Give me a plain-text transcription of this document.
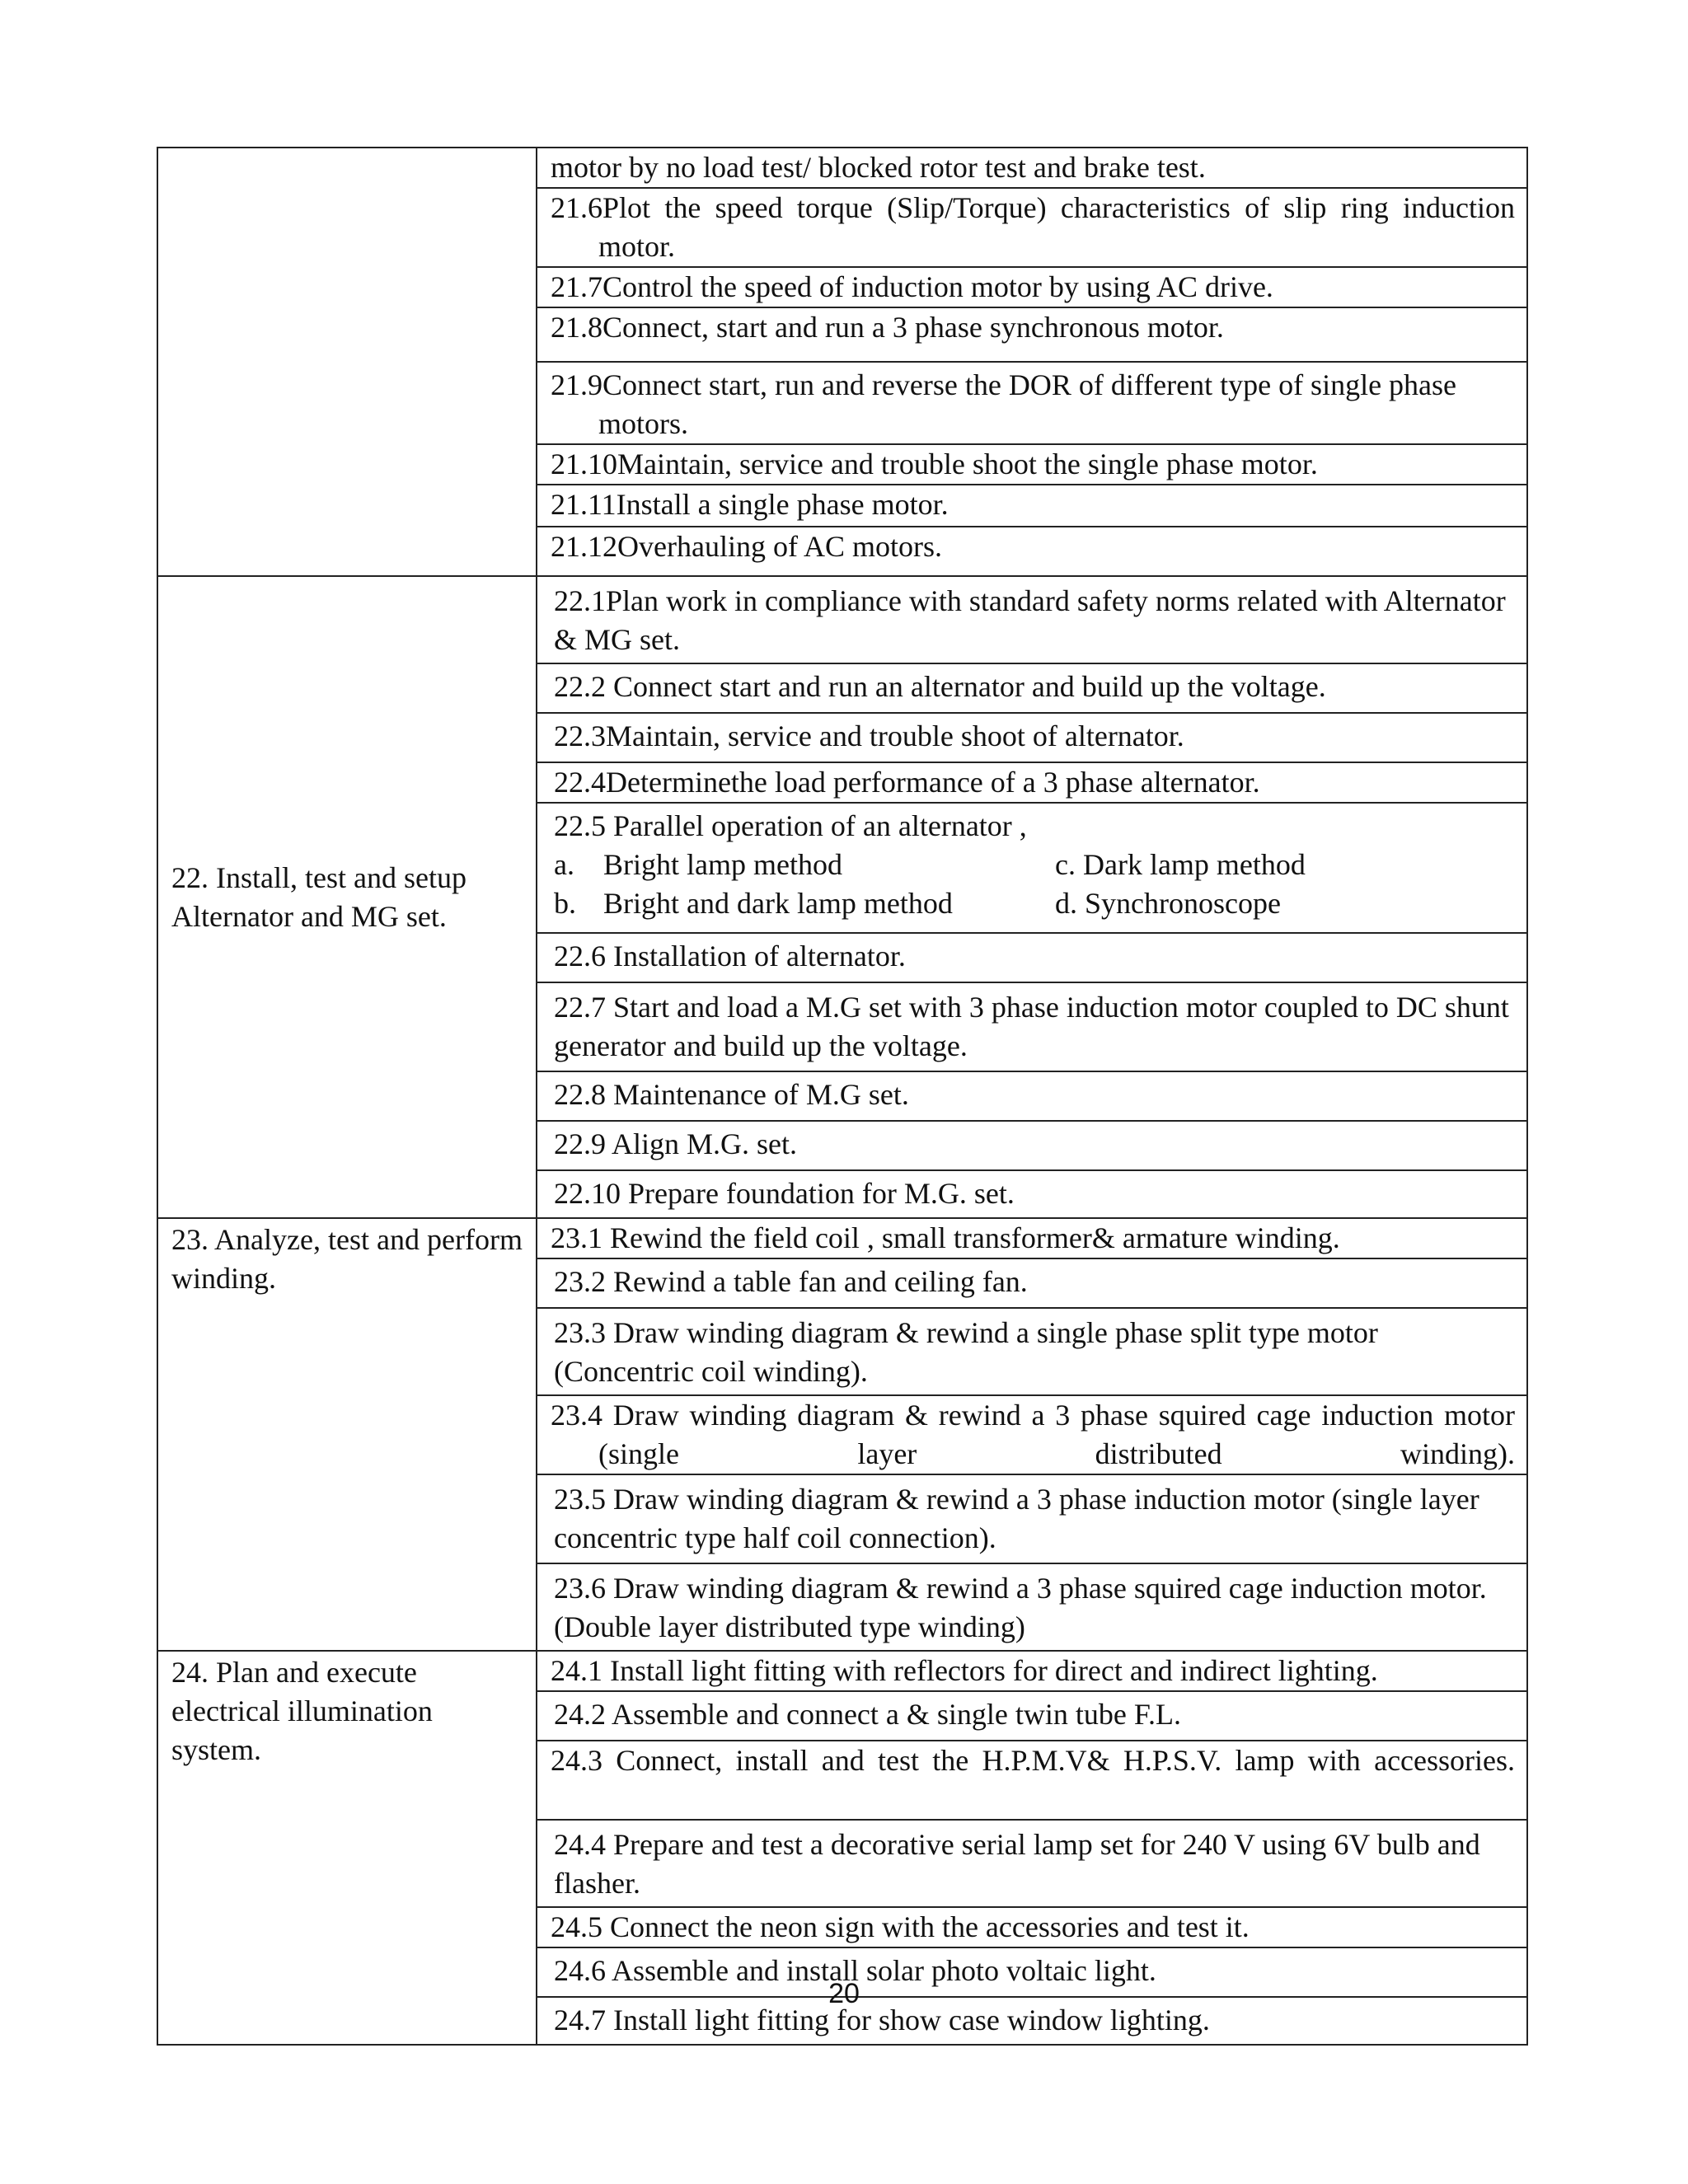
	motor by no load test/ blocked rotor test and brake test.
	21.6Plot the speed torque (Slip/Torque) characteristics of slip ring induction motor.
	21.7Control the speed of induction motor by using AC drive.
	21.8Connect, start and run a 3 phase synchronous motor.
	21.9Connect start, run and reverse the DOR of different type of single phase motors.
	21.10Maintain, service and trouble shoot the single phase motor.
	21.11Install a single phase motor.
	21.12Overhauling of AC motors.
22. Install, test and setup Alternator and MG set.	22.1Plan work in compliance with standard safety norms related with Alternator & MG set.
	22.2 Connect start and run an alternator and build up the voltage.
	22.3Maintain, service and trouble shoot of alternator.
	22.4Determinethe load performance of a 3 phase alternator.

	22.5 Parallel operation of an alternator ,
a. Bright lamp method c. Dark lamp method
b. Bright and dark lamp method d. Synchronoscope

	22.6 Installation of alternator.
	22.7 Start and load a M.G set with 3 phase induction motor coupled to DC shunt generator and build up the voltage.
	22.8 Maintenance of M.G set.
	22.9 Align M.G. set.
	22.10 Prepare foundation for M.G. set.

23. Analyze, test and perform winding.	23.1 Rewind the field coil , small transformer& armature winding.
	23.2 Rewind a table fan and ceiling fan.
	23.3 Draw winding diagram & rewind a single phase split type motor (Concentric coil winding).
	23.4 Draw winding diagram & rewind a 3 phase squired cage induction motor (single layer distributed winding).
	23.5 Draw winding diagram & rewind a 3 phase induction motor (single layer concentric type half coil connection).
	23.6 Draw winding diagram & rewind a 3 phase squired cage induction motor. (Double layer distributed type winding)
24. Plan and execute electrical illumination system.	24.1 Install light fitting with reflectors for direct and indirect lighting.
	24.2 Assemble and connect a & single twin tube F.L.
	24.3 Connect, install and test the H.P.M.V& H.P.S.V. lamp with accessories.
	24.4 Prepare and test a decorative serial lamp set for 240 V using 6V bulb and flasher.
	24.5 Connect the neon sign with the accessories and test it.
	24.6 Assemble and install solar photo voltaic light.
	24.7 Install light fitting for show case window lighting.
20
